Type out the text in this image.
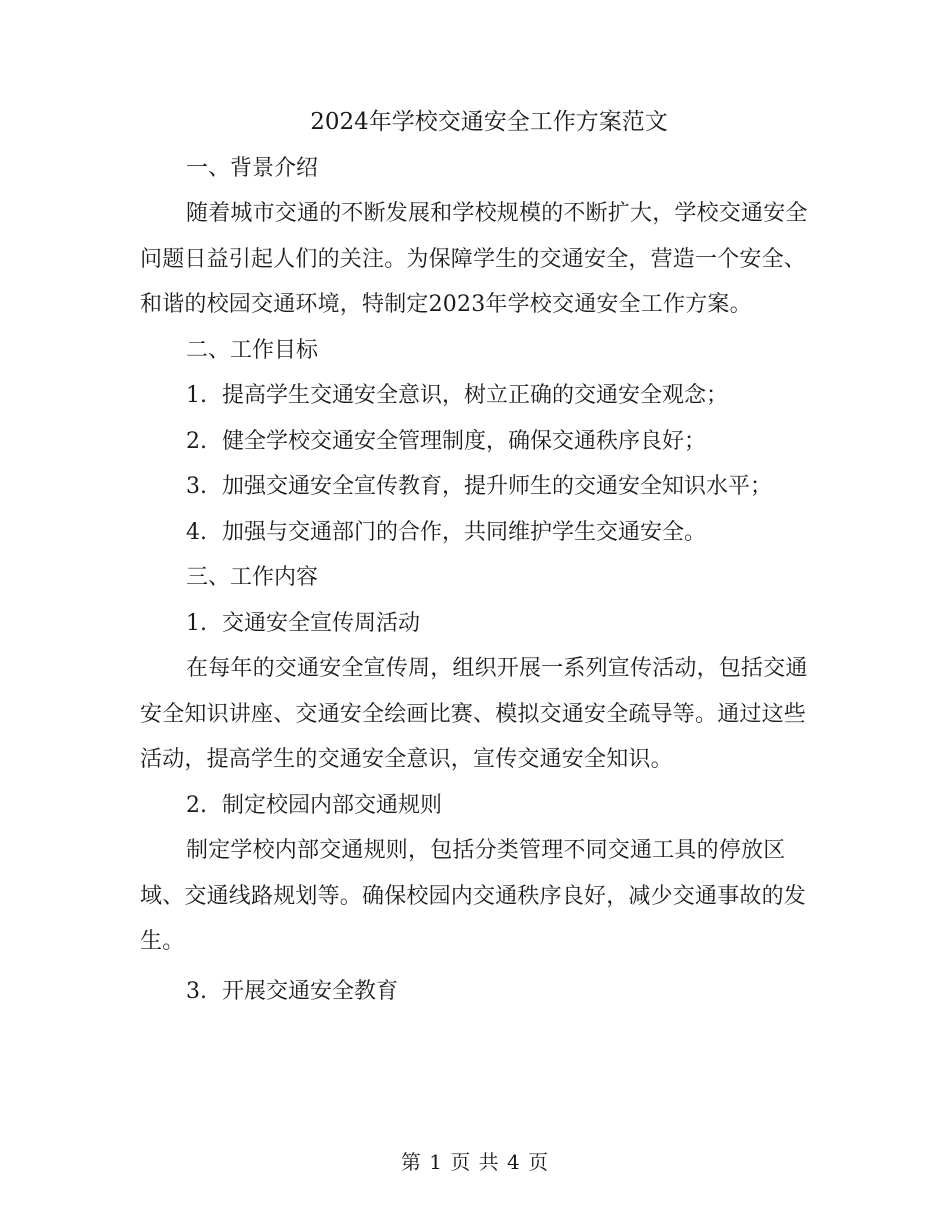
2024年学校交通安全工作方案范文

一、背景介绍

随着城市交通的不断发展和学校规模的不断扩大，学校交通安全问题日益引起人们的关注。为保障学生的交通安全，营造一个安全、和谐的校园交通环境，特制定2023年学校交通安全工作方案。

二、工作目标

1. 提高学生交通安全意识，树立正确的交通安全观念；

2. 健全学校交通安全管理制度，确保交通秩序良好；

3. 加强交通安全宣传教育，提升师生的交通安全知识水平；

4. 加强与交通部门的合作，共同维护学生交通安全。

三、工作内容

1. 交通安全宣传周活动

在每年的交通安全宣传周，组织开展一系列宣传活动，包括交通安全知识讲座、交通安全绘画比赛、模拟交通安全疏导等。通过这些活动，提高学生的交通安全意识，宣传交通安全知识。

2. 制定校园内部交通规则

制定学校内部交通规则，包括分类管理不同交通工具的停放区域、交通线路规划等。确保校园内交通秩序良好，减少交通事故的发生。

3. 开展交通安全教育

第 1 页 共 4 页
